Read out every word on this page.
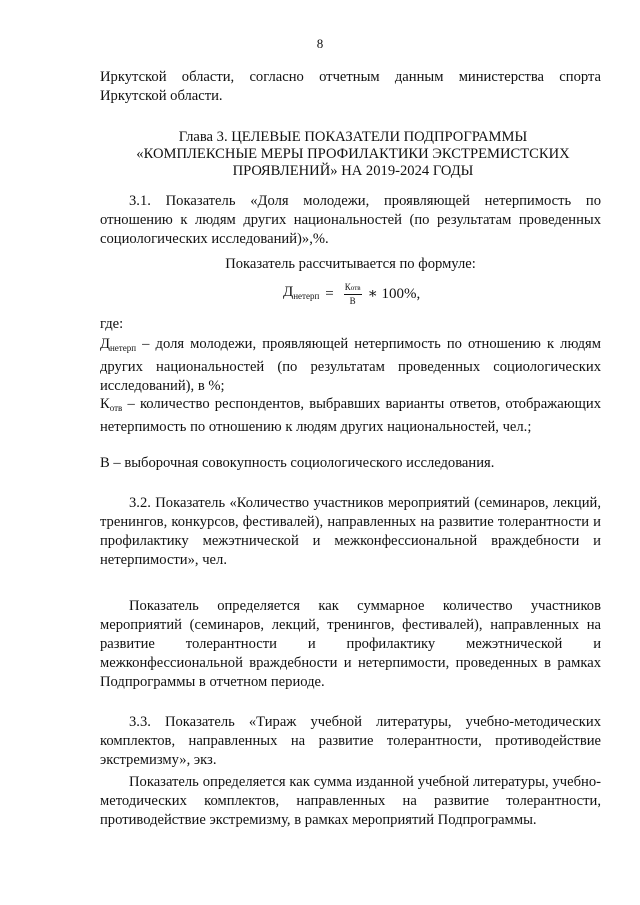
8

Иркутской области, согласно отчетным данным министерства спорта

Иркутской области.

Глава 3. ЦЕЛЕВЫЕ ПОКАЗАТЕЛИ ПОДПРОГРАММЫ
«КОМПЛЕКСНЫЕ МЕРЫ ПРОФИЛАКТИКИ ЭКСТРЕМИСТСКИХ
ПРОЯВЛЕНИЙ» НА 2019-2024 ГОДЫ

3.1. Показатель «Доля молодежи, проявляющей нетерпимость по отношению к людям других национальностей (по результатам проведенных социологических исследований)»,%.

Показатель рассчитывается по формуле:

$Д_{нетерп} = \frac{\text{Котв}}{В}$ ∗ 100%,

где:

$Д_{нетерп}$ – доля молодежи, проявляющей нетерпимость по отношению к людям других национальностей (по результатам проведенных социологических исследований), в %;

$К_{отв}$ – количество респондентов, выбравших варианты ответов, отображающих нетерпимость по отношению к людям других национальностей, чел.;

В – выборочная совокупность социологического исследования.

3.2. Показатель «Количество участников мероприятий (семинаров, лекций, тренингов, конкурсов, фестивалей), направленных на развитие толерантности и профилактику межэтнической и межконфессиональной враждебности и нетерпимости», чел.

Показатель определяется как суммарное количество участников мероприятий (семинаров, лекций, тренингов, фестивалей), направленных на развитие толерантности и профилактику межэтнической и межконфессиональной враждебности и нетерпимости, проведенных в рамках Подпрограммы в отчетном периоде.

3.3. Показатель «Тираж учебной литературы, учебно-методических комплектов, направленных на развитие толерантности, противодействие экстремизму», экз.

Показатель определяется как сумма изданной учебной литературы, учебно-методических комплектов, направленных на развитие толерантности, противодействие экстремизму, в рамках мероприятий Подпрограммы.
